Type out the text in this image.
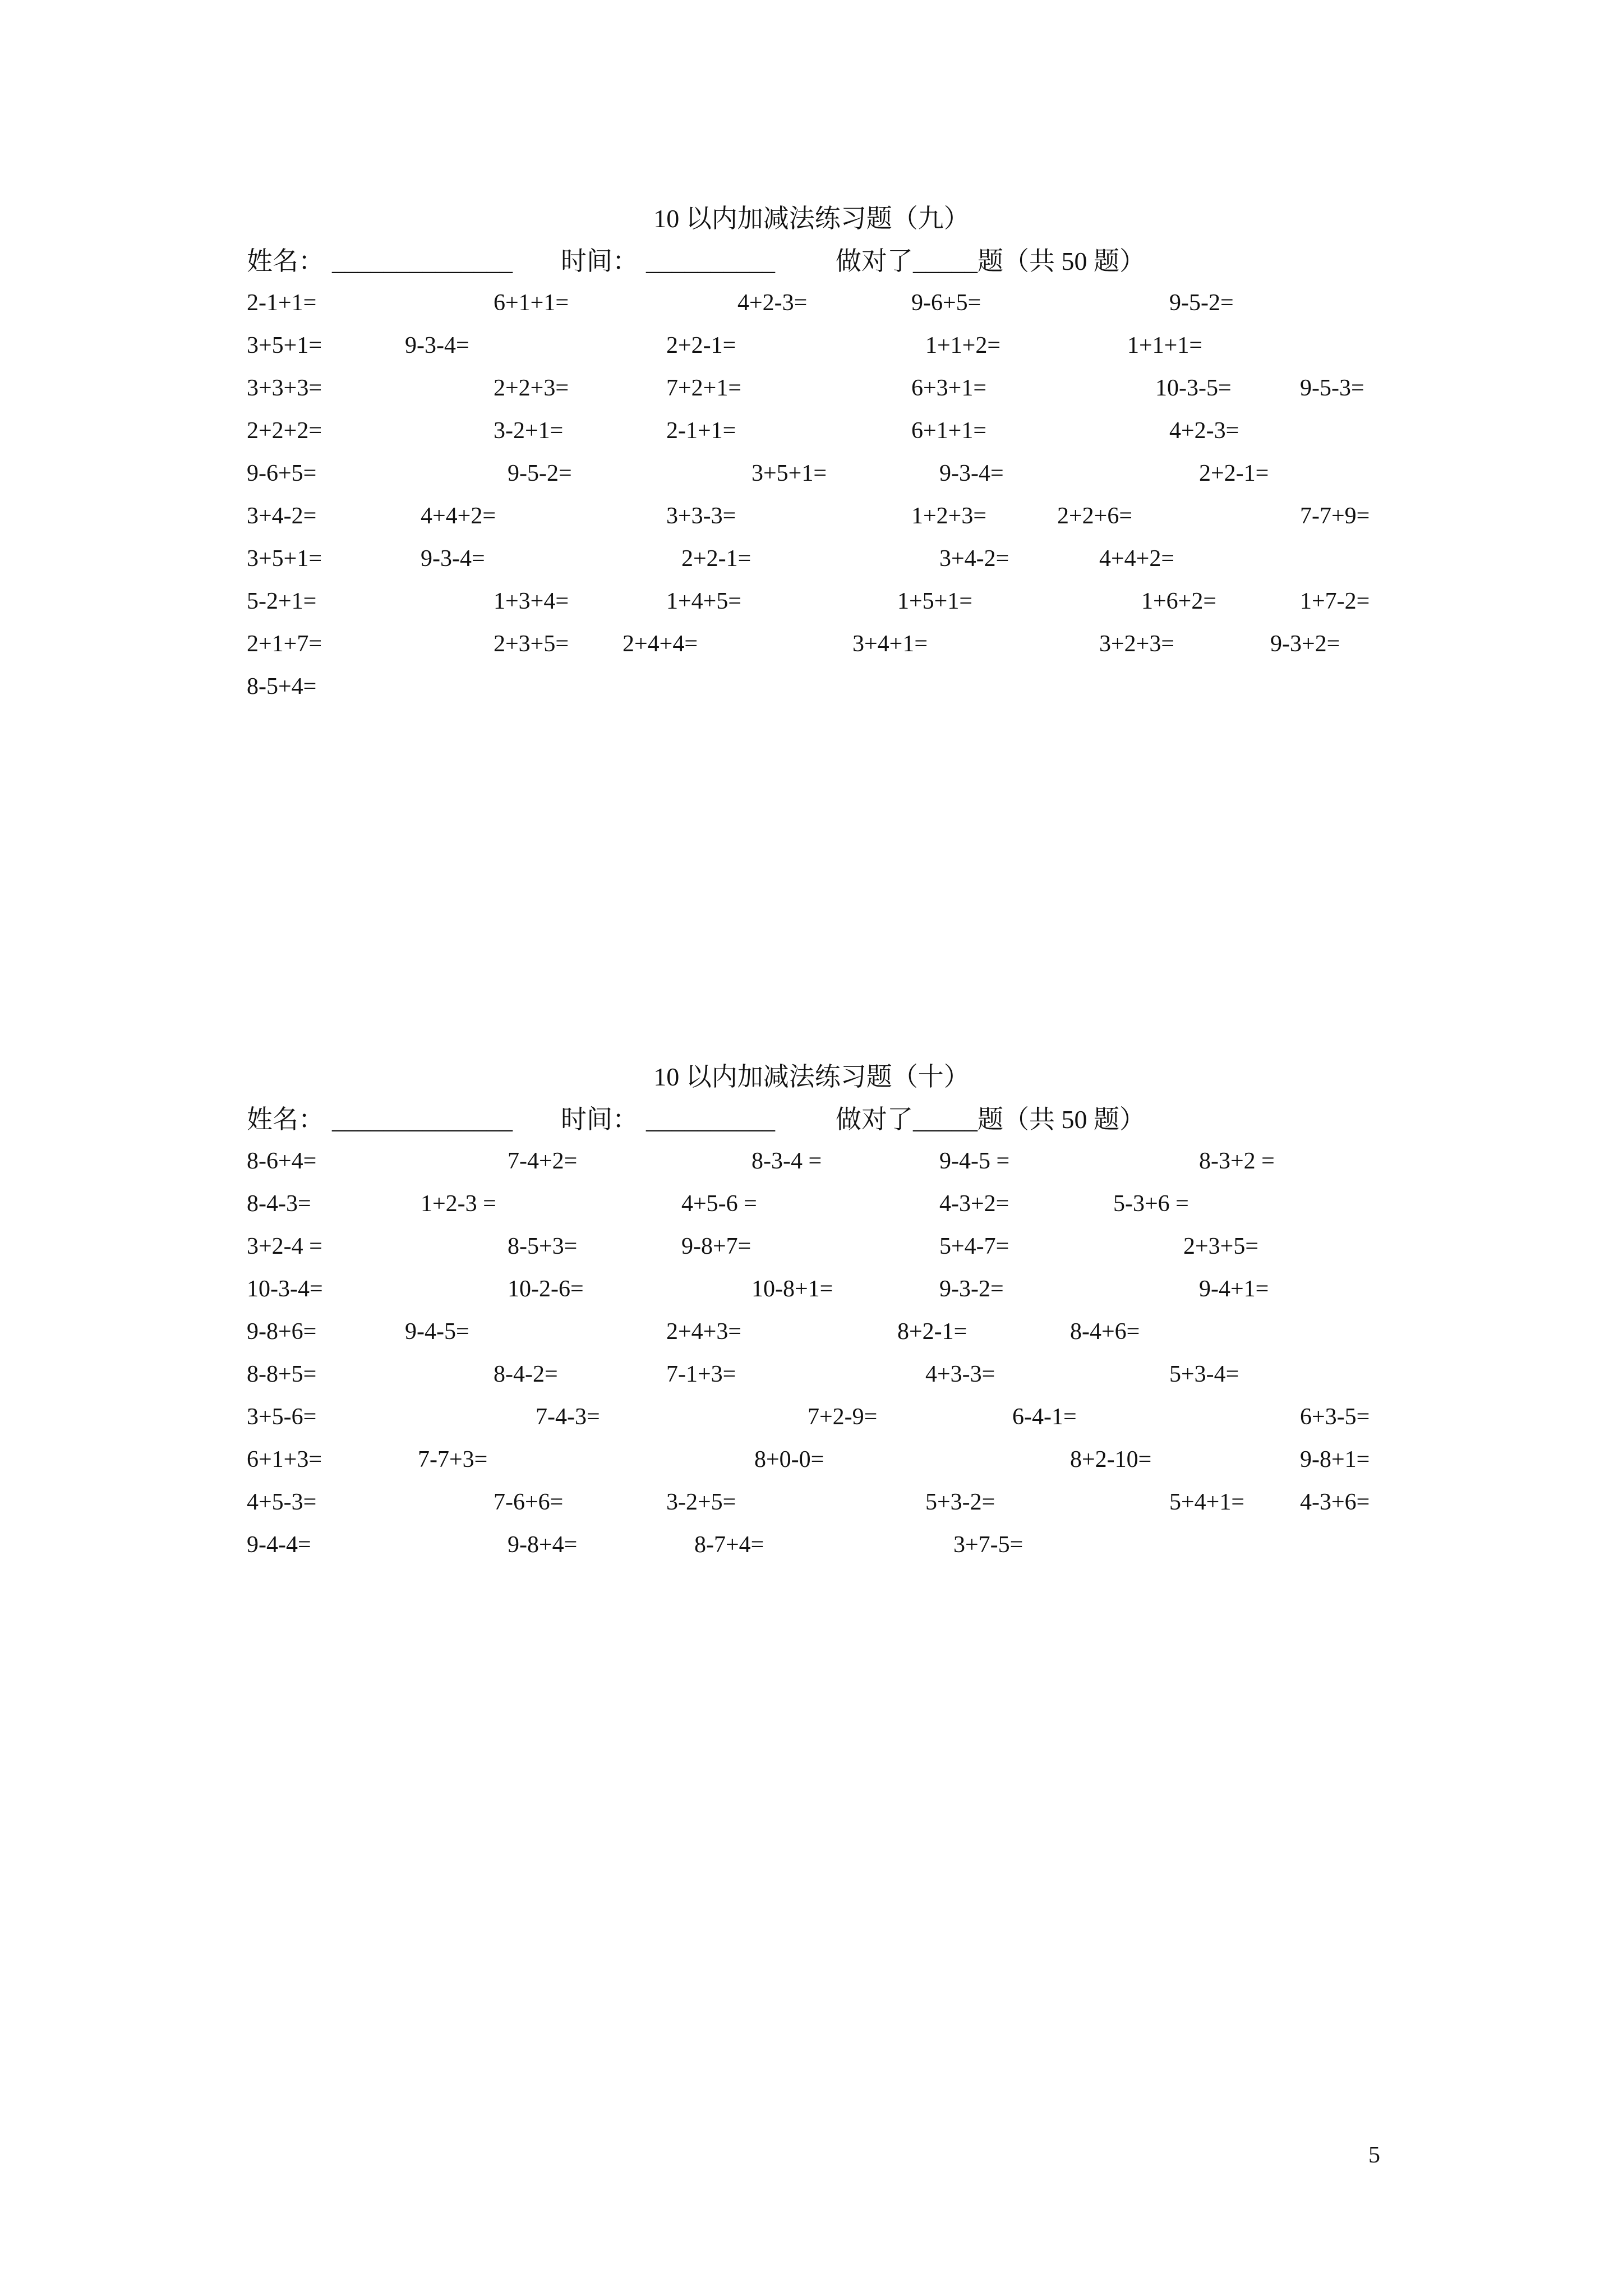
10 以内加减法练习题（九）
姓名： ______________ 时间： __________ 做对了_____题（共 50 题）
2-1+1=	6+1+1=	4+2-3=	9-6+5=	9-5-2=
3+5+1=	9-3-4=	2+2-1=	1+1+2=	1+1+1=
3+3+3=	2+2+3=	7+2+1=	6+3+1=	10-3-5=	9-5-3=
2+2+2=	3-2+1=	2-1+1=	6+1+1=	4+2-3=
9-6+5=	9-5-2=	3+5+1=	9-3-4=	2+2-1=
3+4-2=	4+4+2=	3+3-3=	1+2+3=	2+2+6=	7-7+9=
3+5+1=	9-3-4=	2+2-1=	3+4-2=	4+4+2=
5-2+1=	1+3+4=	1+4+5=	1+5+1=	1+6+2=	1+7-2=
2+1+7=	2+3+5= 2+4+4=	3+4+1=	3+2+3=	9-3+2=
8-5+4=
10 以内加减法练习题（十）
姓名： ______________ 时间： __________ 做对了_____题（共 50 题）
8-6+4=	7-4+2=	8-3-4 =	9-4-5 =	8-3+2 =
8-4-3=	1+2-3 =	4+5-6 =	4-3+2=	5-3+6 =
3+2-4 =	8-5+3=	9-8+7=	5+4-7=	2+3+5=
10-3-4=	10-2-6=	10-8+1=	9-3-2=	9-4+1=
9-8+6=	9-4-5=	2+4+3=	8+2-1=	8-4+6=
8-8+5=	8-4-2=	7-1+3=	4+3-3=	5+3-4=
3+5-6=	7-4-3=	7+2-9=	6-4-1=	6+3-5=
6+1+3=	7-7+3=	8+0-0=	8+2-10=	9-8+1=
4+5-3=	7-6+6=	3-2+5=	5+3-2=	5+4+1= 4-3+6=
9-4-4=	9-8+4=	8-7+4=	3+7-5=
5
